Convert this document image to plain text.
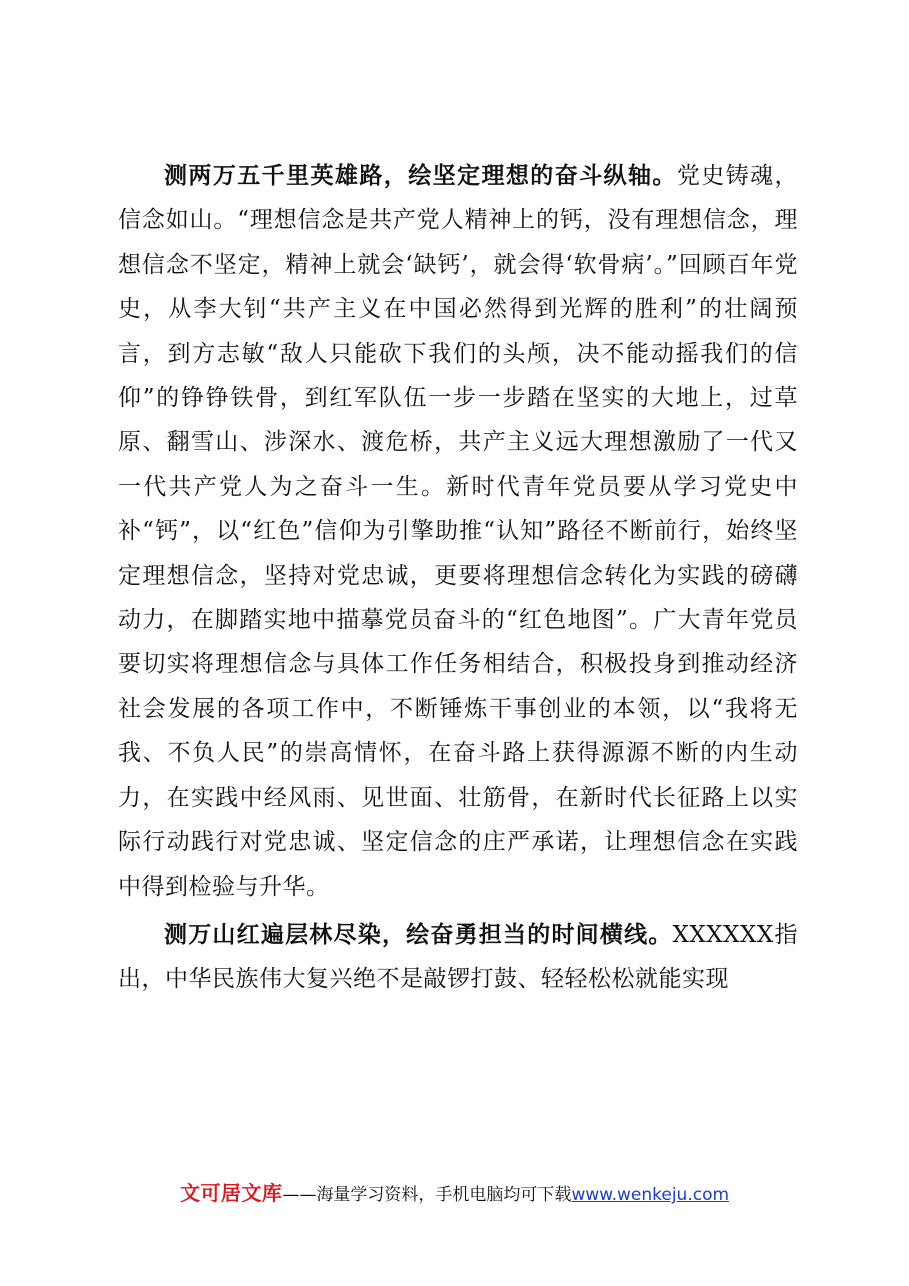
测两万五千里英雄路，绘坚定理想的奋斗纵轴。党史铸魂，信念如山。“理想信念是共产党人精神上的钙，没有理想信念，理想信念不坚定，精神上就会‘缺钙’，就会得‘软骨病’。”回顾百年党史，从李大钊“共产主义在中国必然得到光辉的胜利”的壮阔预言，到方志敏“敌人只能砍下我们的头颅，决不能动摇我们的信仰”的铮铮铁骨，到红军队伍一步一步踏在坚实的大地上，过草原、翻雪山、涉深水、渡危桥，共产主义远大理想激励了一代又一代共产党人为之奋斗一生。新时代青年党员要从学习党史中补“钙”，以“红色”信仰为引擎助推“认知”路径不断前行，始终坚定理想信念，坚持对党忠诚，更要将理想信念转化为实践的磅礴动力，在脚踏实地中描摹党员奋斗的“红色地图”。广大青年党员要切实将理想信念与具体工作任务相结合，积极投身到推动经济社会发展的各项工作中，不断锤炼干事创业的本领，以“我将无我、不负人民”的崇高情怀，在奋斗路上获得源源不断的内生动力，在实践中经风雨、见世面、壮筋骨，在新时代长征路上以实际行动践行对党忠诚、坚定信念的庄严承诺，让理想信念在实践中得到检验与升华。

测万山红遍层林尽染，绘奋勇担当的时间横线。XXXXXX指出，中华民族伟大复兴绝不是敲锣打鼓、轻轻松松就能实现

文可居文库——海量学习资料，手机电脑均可下载www.wenkeju.com
